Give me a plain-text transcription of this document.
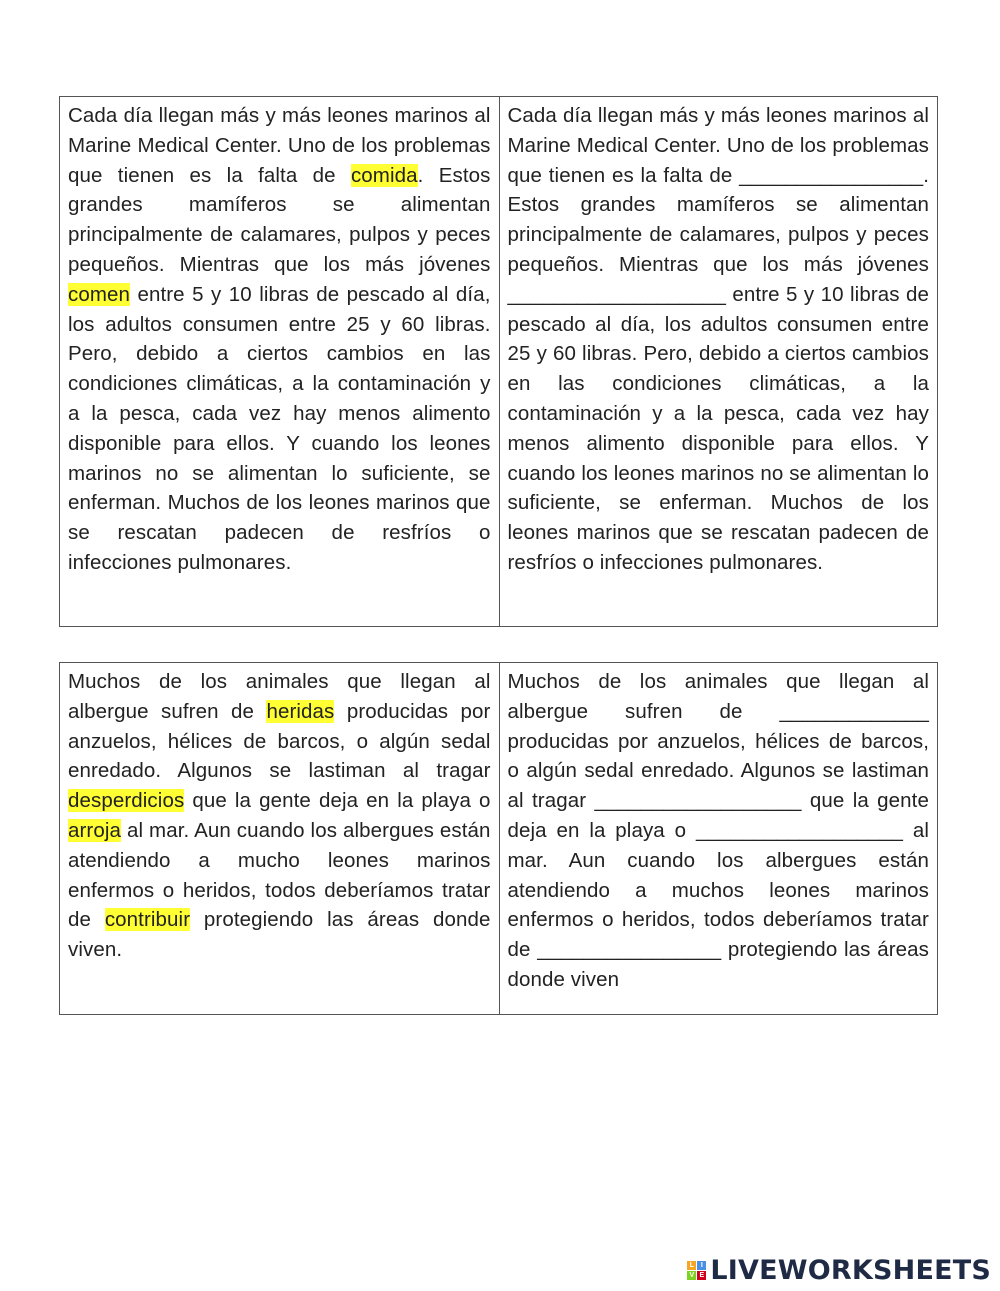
Cada día llegan más y más leones marinos al Marine Medical Center. Uno de los problemas que tienen es la falta de comida. Estos grandes mamíferos se alimentan principalmente de calamares, pulpos y peces pequeños. Mientras que los más jóvenes comen entre 5 y 10 libras de pescado al día, los adultos consumen entre 25 y 60 libras. Pero, debido a ciertos cambios en las condiciones climáticas, a la contaminación y a la pesca, cada vez hay menos alimento disponible para ellos. Y cuando los leones marinos no se alimentan lo suficiente, se enferman. Muchos de los leones marinos que se rescatan padecen de resfríos o infecciones pulmonares.
Cada día llegan más y más leones marinos al Marine Medical Center. Uno de los problemas que tienen es la falta de ________________. Estos grandes mamíferos se alimentan principalmente de calamares, pulpos y peces pequeños. Mientras que los más jóvenes ___________________ entre 5 y 10 libras de pescado al día, los adultos consumen entre 25 y 60 libras. Pero, debido a ciertos cambios en las condiciones climáticas, a la contaminación y a la pesca, cada vez hay menos alimento disponible para ellos. Y cuando los leones marinos no se alimentan lo suficiente, se enferman. Muchos de los leones marinos que se rescatan padecen de resfríos o infecciones pulmonares.
Muchos de los animales que llegan al albergue sufren de heridas producidas por anzuelos, hélices de barcos, o algún sedal enredado. Algunos se lastiman al tragar desperdicios que la gente deja en la playa o arroja al mar. Aun cuando los albergues están atendiendo a mucho leones marinos enfermos o heridos, todos deberíamos tratar de contribuir protegiendo las áreas donde viven.
Muchos de los animales que llegan al albergue sufren de _____________ producidas por anzuelos, hélices de barcos, o algún sedal enredado. Algunos se lastiman al tragar __________________ que la gente deja en la playa o __________________ al mar. Aun cuando los albergues están atendiendo a muchos leones marinos enfermos o heridos, todos deberíamos tratar de ________________ protegiendo las áreas donde viven
L I
V E LIVEWORKSHEETS
